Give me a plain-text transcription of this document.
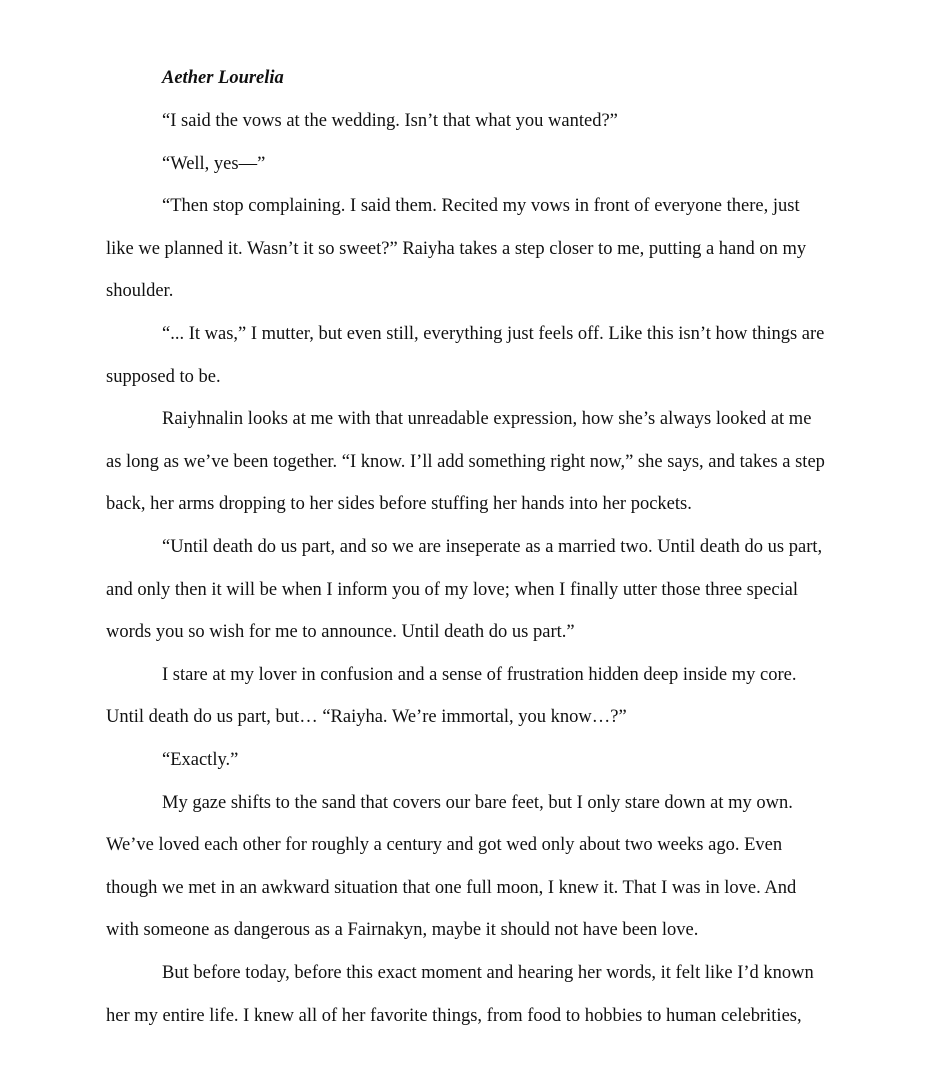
Aether Lourelia
“I said the vows at the wedding. Isn’t that what you wanted?”
“Well, yes—”
“Then stop complaining. I said them. Recited my vows in front of everyone there, just
like we planned it. Wasn’t it so sweet?” Raiyha takes a step closer to me, putting a hand on my
shoulder.
“... It was,” I mutter, but even still, everything just feels off. Like this isn’t how things are
supposed to be.
Raiyhnalin looks at me with that unreadable expression, how she’s always looked at me
as long as we’ve been together. “I know. I’ll add something right now,” she says, and takes a step
back, her arms dropping to her sides before stuffing her hands into her pockets.
“Until death do us part, and so we are inseperate as a married two. Until death do us part,
and only then it will be when I inform you of my love; when I finally utter those three special
words you so wish for me to announce. Until death do us part.”
I stare at my lover in confusion and a sense of frustration hidden deep inside my core.
Until death do us part, but… “Raiyha. We’re immortal, you know…?”
“Exactly.”
My gaze shifts to the sand that covers our bare feet, but I only stare down at my own.
We’ve loved each other for roughly a century and got wed only about two weeks ago. Even
though we met in an awkward situation that one full moon, I knew it. That I was in love. And
with someone as dangerous as a Fairnakyn, maybe it should not have been love.
But before today, before this exact moment and hearing her words, it felt like I’d known
her my entire life. I knew all of her favorite things, from food to hobbies to human celebrities,
